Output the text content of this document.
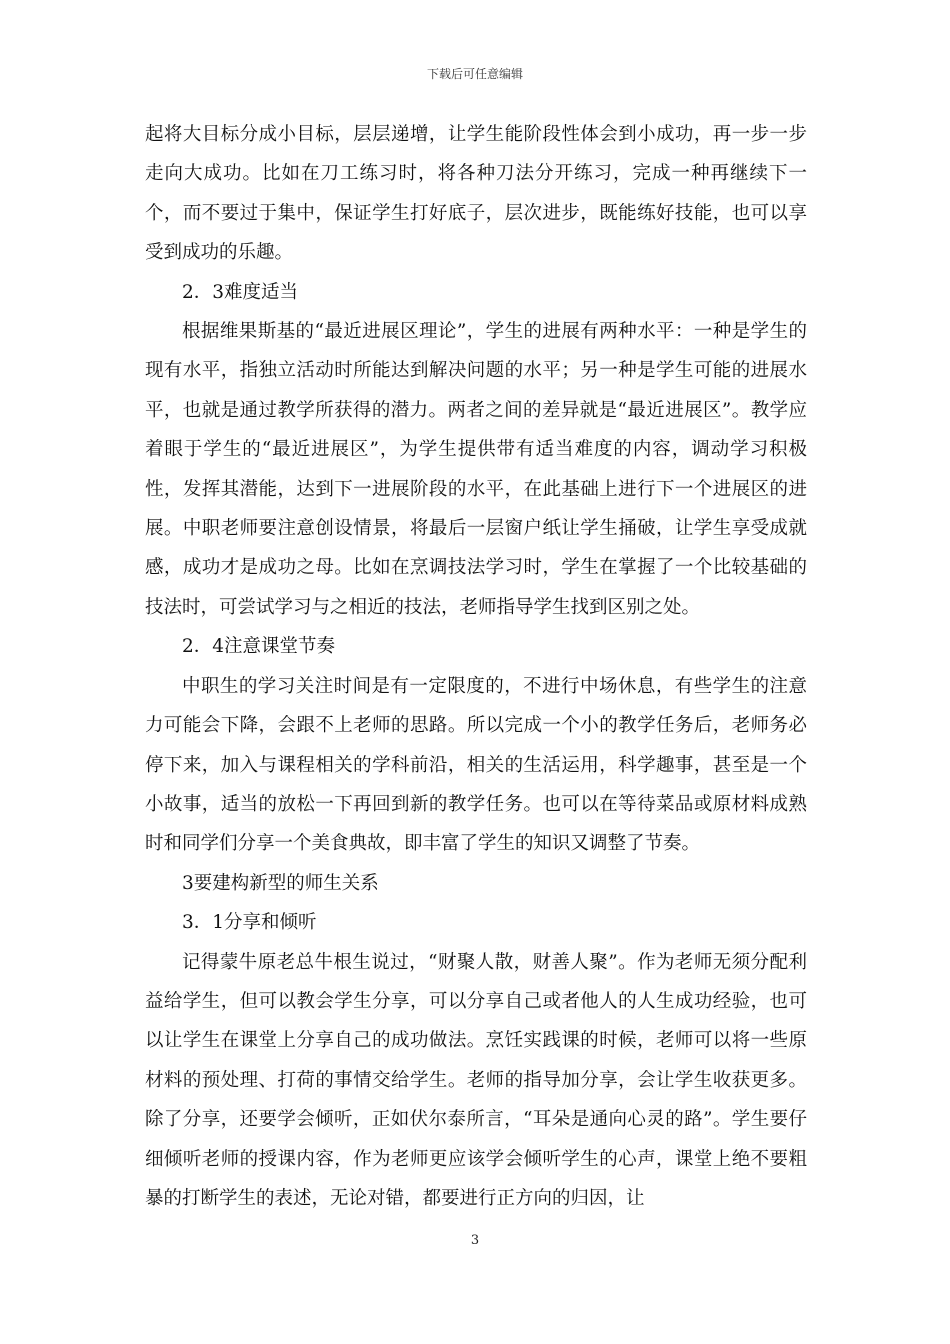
下载后可任意编辑

起将大目标分成小目标，层层递增，让学生能阶段性体会到小成功，再一步一步走向大成功。比如在刀工练习时，将各种刀法分开练习，完成一种再继续下一个，而不要过于集中，保证学生打好底子，层次进步，既能练好技能，也可以享受到成功的乐趣。

2．3难度适当

根据维果斯基的“最近进展区理论”，学生的进展有两种水平：一种是学生的现有水平，指独立活动时所能达到解决问题的水平；另一种是学生可能的进展水平，也就是通过教学所获得的潜力。两者之间的差异就是“最近进展区”。教学应着眼于学生的“最近进展区”，为学生提供带有适当难度的内容，调动学习积极性，发挥其潜能，达到下一进展阶段的水平，在此基础上进行下一个进展区的进展。中职老师要注意创设情景，将最后一层窗户纸让学生捅破，让学生享受成就感，成功才是成功之母。比如在烹调技法学习时，学生在掌握了一个比较基础的技法时，可尝试学习与之相近的技法，老师指导学生找到区别之处。

2．4注意课堂节奏

中职生的学习关注时间是有一定限度的，不进行中场休息，有些学生的注意力可能会下降，会跟不上老师的思路。所以完成一个小的教学任务后，老师务必停下来，加入与课程相关的学科前沿，相关的生活运用，科学趣事，甚至是一个小故事，适当的放松一下再回到新的教学任务。也可以在等待菜品或原材料成熟时和同学们分享一个美食典故，即丰富了学生的知识又调整了节奏。

3要建构新型的师生关系

3．1分享和倾听

记得蒙牛原老总牛根生说过，“财聚人散，财善人聚”。作为老师无须分配利益给学生，但可以教会学生分享，可以分享自己或者他人的人生成功经验，也可以让学生在课堂上分享自己的成功做法。烹饪实践课的时候，老师可以将一些原材料的预处理、打荷的事情交给学生。老师的指导加分享，会让学生收获更多。除了分享，还要学会倾听，正如伏尔泰所言，“耳朵是通向心灵的路”。学生要仔细倾听老师的授课内容，作为老师更应该学会倾听学生的心声，课堂上绝不要粗暴的打断学生的表述，无论对错，都要进行正方向的归因，让

3
